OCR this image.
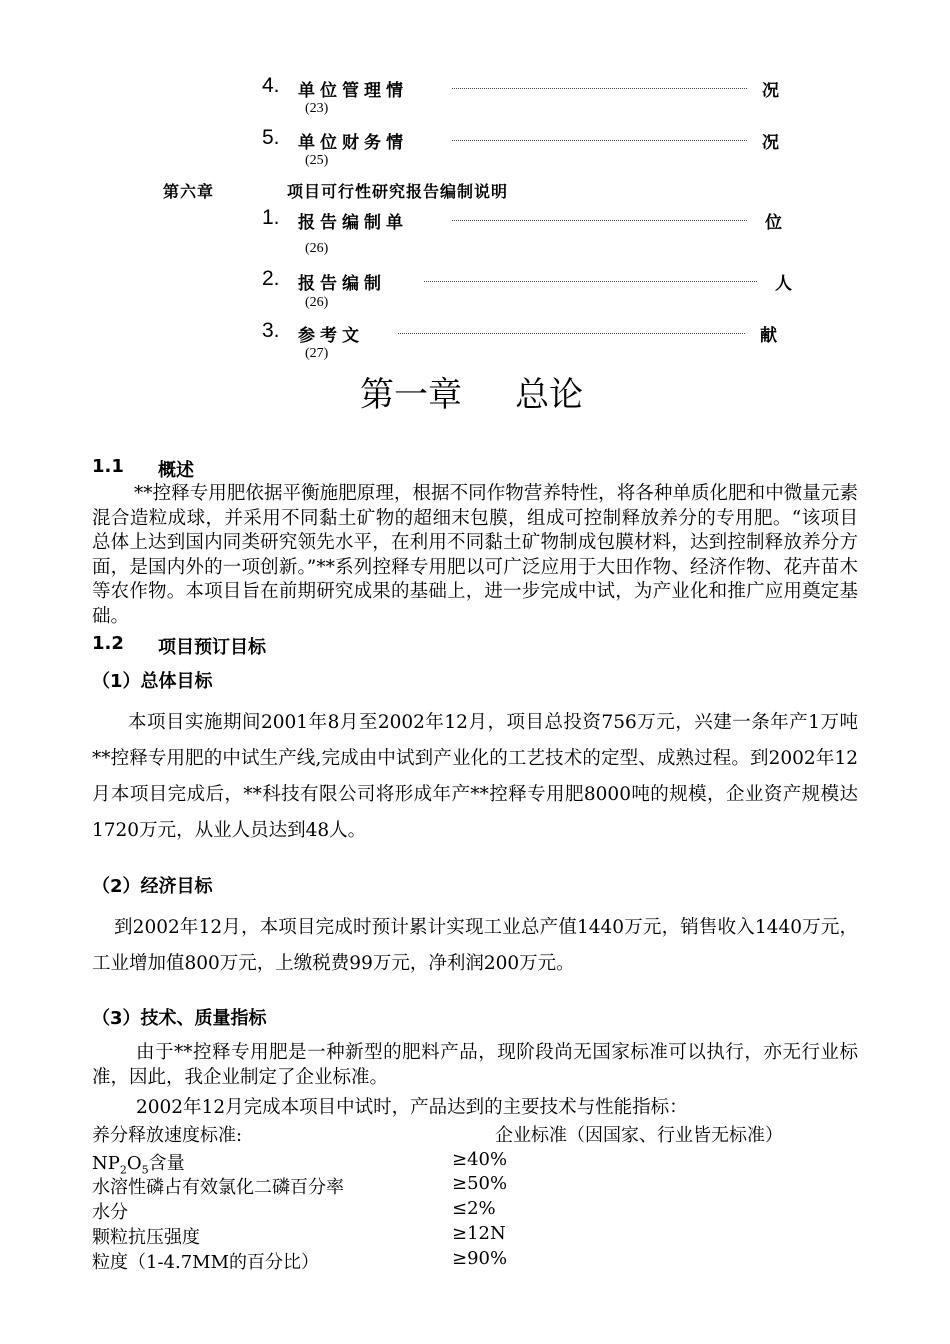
4. 单位管理情	况
(23)
5. 单位财务情	况
(25)
第六章	项目可行性研究报告编制说明
1. 报告编制单	位
(26)
2. 报告编制	人
(26)
3. 参考文	献
(27)
第一章 总论
1.1 概述
**控释专用肥依据平衡施肥原理，根据不同作物营养特性，将各种单质化肥和中微量元素混合造粒成球，并采用不同黏土矿物的超细末包膜，组成可控制释放养分的专用肥。“该项目总体上达到国内同类研究领先水平，在利用不同黏土矿物制成包膜材料，达到控制释放养分方面，是国内外的一项创新。”**系列控释专用肥以可广泛应用于大田作物、经济作物、花卉苗木等农作物。本项目旨在前期研究成果的基础上，进一步完成中试，为产业化和推广应用奠定基础。
1.2 项目预订目标
（1）总体目标
本项目实施期间2001年8月至2002年12月，项目总投资756万元，兴建一条年产1万吨**控释专用肥的中试生产线,完成由中试到产业化的工艺技术的定型、成熟过程。到2002年12月本项目完成后，**科技有限公司将形成年产**控释专用肥8000吨的规模，企业资产规模达1720万元，从业人员达到48人。
（2）经济目标
到2002年12月，本项目完成时预计累计实现工业总产值1440万元，销售收入1440万元，工业增加值800万元，上缴税费99万元，净利润200万元。
（3）技术、质量指标
由于**控释专用肥是一种新型的肥料产品，现阶段尚无国家标准可以执行，亦无行业标准，因此，我企业制定了企业标准。
2002年12月完成本项目中试时，产品达到的主要技术与性能指标：
养分释放速度标准:	企业标准（因国家、行业皆无标准）
$NP_2O_5$含量	≥40%
水溶性磷占有效氯化二磷百分率	≥50%
水分	≤2%
颗粒抗压强度	≥12N
粒度（1-4.7MM的百分比）	≥90%
